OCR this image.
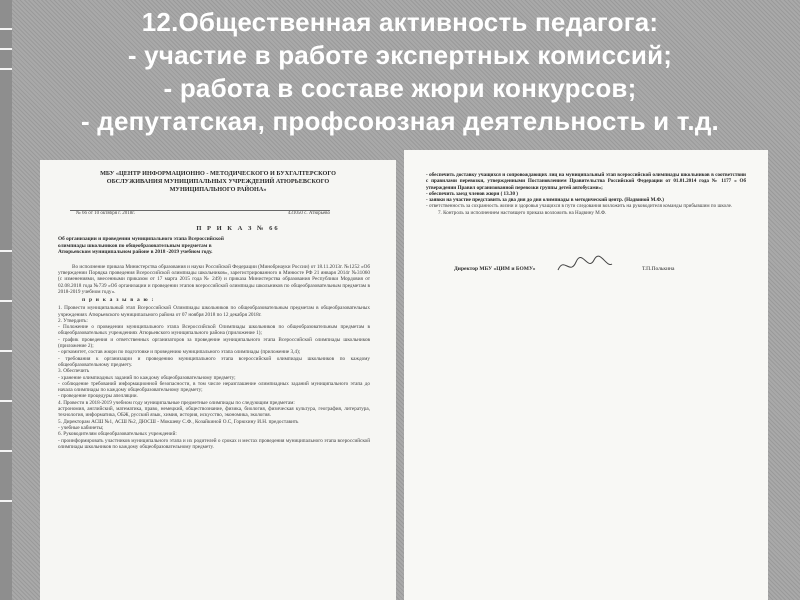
12.Общественная активность педагога:
- участие в работе экспертных комиссий;
- работа в составе жюри конкурсов;
- депутатская, профсоюзная деятельность и т.д.
МБУ «ЦЕНТР ИНФОРМАЦИОННО - МЕТОДИЧЕСКОГО И БУХГАЛТЕРСКОГО ОБСЛУЖИВАНИЯ МУНИЦИПАЛЬНЫХ УЧРЕЖДЕНИЙ АТЮРЬЕВСКОГО МУНИЦИПАЛЬНОГО РАЙОНА»
№ 66 от 10 октября г. 2018г.	431050 с. Атюрьево
П Р И К А З № 66
Об организации и проведении муниципального этапа Всероссийской олимпиады школьников по общеобразовательным предметам в Атюрьевском муниципальном районе в 2018 -2019 учебном году.
Во исполнение приказа Министерства образования и науки Российской Федерации (Минобрнауки России) от 18.11.2013г. №1252 «Об утверждении Порядка проведения Всероссийской олимпиады школьников», зарегистрированного в Минюсте РФ 21 января 2014г №31060 (с изменениями, внесенными приказом от 17 марта 2015 года № 249) и приказа Министерства образования Республики Мордовия от 02.08.2018 года №739 «Об организации и проведении этапов всероссийской олимпиады школьников по общеобразовательным предметам в 2018-2019 учебном году».
п р и к а з ы в а ю :
1. Провести муниципальный этап Всероссийской Олимпиады школьников по общеобразовательным предметам в общеобразовательных учреждениях Атюрьевского муниципального района от 07 ноября 2018 по 12 декабря 2018г.
2. Утвердить:
- Положение о проведении муниципального этапа Всероссийской Олимпиады школьников по общеобразовательным предметам в общеобразовательных учреждениях Атюрьевского муниципального района (приложение 1);
- график проведения и ответственных организаторов за проведение муниципального этапа Всероссийской олимпиады школьников (приложение 2);
- оргкомитет, состав жюри по подготовке и проведению муниципального этапа олимпиады (приложение 3,4);
- требования к организации и проведению муниципального этапа всероссийской олимпиады школьников по каждому общеобразовательному предмету.
3. Обеспечить
- хранение олимпиадных заданий по каждому общеобразовательному предмету;
- соблюдение требований информационной безопасности, в том числе неразглашение олимпиадных заданий муниципального этапа до начала олимпиады по каждому общеобразовательному предмету;
- проведение процедуры апелляции.
4. Провести в 2018-2019 учебном году муниципальные предметные олимпиады по следующим предметам:
астрономия, английский, математика, право, немецкий, обществознание, физика, биология, физическая культура, география, литература, технология, информатика, ОБЖ, русский язык, химия, история, искусство, экономика, экология.
5. Директорам АСШ №1, АСШ №2, ДЮСШ - Мокшеву С.Ф., Козайкиной О.С, Горюхину И.Н. предоставить
- учебные кабинеты;
6. Руководителям общеобразовательных учреждений:
- проинформировать участников муниципального этапа и их родителей о сроках и местах проведения муниципального этапа всероссийской олимпиады школьников по каждому общеобразовательному предмету.
- обеспечить доставку учащихся и сопровождающих лиц на муниципальный этап всероссийской олимпиады школьников в соответствии с правилами перевозки, утвержденными Постановлением Правительства Российской Федерации от 01.01.2014 года № 1177 « Об утверждении Правил организованной перевозки группы детей автобусами»;
- обеспечить заезд членов жюри ( 13.30 )
- заявки на участие представить за два дня до дня олимпиады в методический центр. (Надвиной М.Ф.)
- ответственность за сохранность жизни и здоровья учащихся в пути следования возложить на руководителя команды прибывшим по школе.
7. Контроль за исполнением настоящего приказа возложить на Надвину М.Ф.
Директор МБУ «ЦИМ и БОМУ»	Т.П.Полькина
